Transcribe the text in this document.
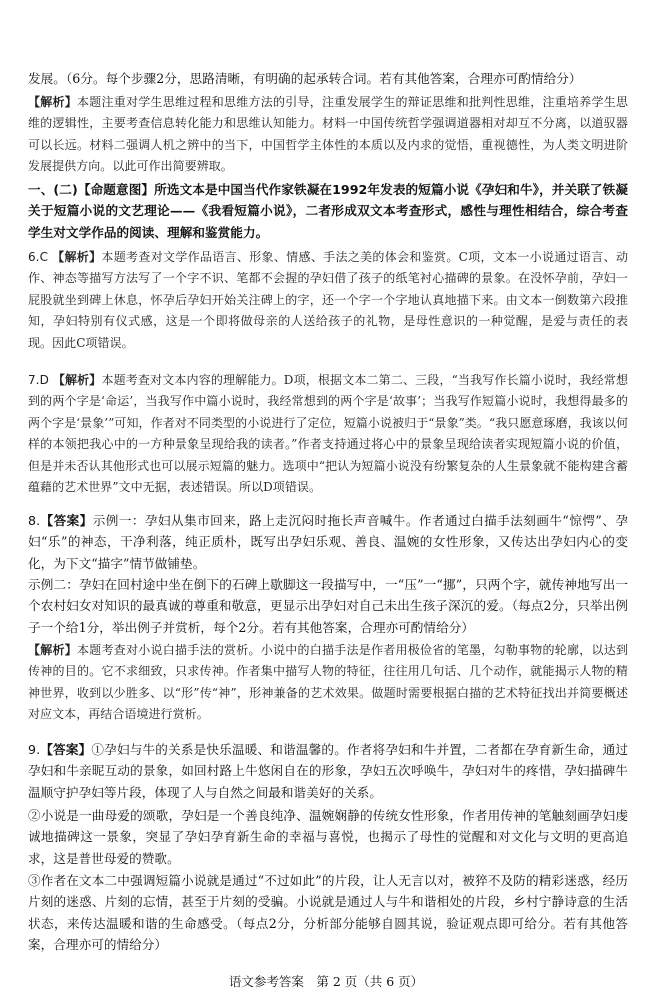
发展。（6分。每个步骤2分，思路清晰，有明确的起承转合词。若有其他答案，合理亦可酌情给分）

【解析】本题注重对学生思维过程和思维方法的引导，注重发展学生的辩证思维和批判性思维，注重培养学生思维的逻辑性，主要考查信息转化能力和思维认知能力。材料一中国传统哲学强调道器相对却互不分离，以道驭器可以长远。材料二强调人机之辨中的当下，中国哲学主体性的本质以及内求的觉悟，重视德性，为人类文明进阶发展提供方向。以此可作出简要辨取。

一、(二)【命题意图】所选文本是中国当代作家铁凝在1992年发表的短篇小说《孕妇和牛》，并关联了铁凝关于短篇小说的文艺理论——《我看短篇小说》，二者形成双文本考查形式，感性与理性相结合，综合考查学生对文学作品的阅读、理解和鉴赏能力。

6.C 【解析】本题考查对文学作品语言、形象、情感、手法之美的体会和鉴赏。C项，文本一小说通过语言、动作、神态等描写方法写了一个字不识、笔都不会握的孕妇借了孩子的纸笔衬心描碑的景象。在没怀孕前，孕妇一屁股就坐到碑上休息，怀孕后孕妇开始关注碑上的字，还一个字一个字地认真地描下来。由文本一倒数第六段推知，孕妇特别有仪式感，这是一个即将做母亲的人送给孩子的礼物，是母性意识的一种觉醒，是爱与责任的表现。因此C项错误。

7.D 【解析】本题考查对文本内容的理解能力。D项，根据文本二第二、三段，“当我写作长篇小说时，我经常想到的两个字是‘命运’，当我写作中篇小说时，我经常想到的两个字是‘故事’；当我写作短篇小说时，我想得最多的两个字是‘景象’”可知，作者对不同类型的小说进行了定位，短篇小说被归于“景象”类。“我只愿意琢磨，我该以何样的本领把我心中的一方种景象呈现给我的读者。”作者支持通过将心中的景象呈现给读者实现短篇小说的价值，但是并未否认其他形式也可以展示短篇的魅力。选项中“把认为短篇小说没有纷繁复杂的人生景象就不能构建含蓄蕴藉的艺术世界”文中无据，表述错误。所以D项错误。

8.【答案】示例一：孕妇从集市回来，路上走沉闷时拖长声音喊牛。作者通过白描手法刻画牛“惊愕”、孕妇“乐”的神态，干净利落，纯正质朴，既写出孕妇乐观、善良、温婉的女性形象，又传达出孕妇内心的变化，为下文“描字”情节做铺垫。

示例二：孕妇在回村途中坐在倒下的石碑上歇脚这一段描写中，一“压”一“挪”，只两个字，就传神地写出一个农村妇女对知识的最真诚的尊重和敬意，更显示出孕妇对自己未出生孩子深沉的爱。（每点2分，只举出例子一个给1分，举出例子并赏析，每个2分。若有其他答案，合理亦可酌情给分）

【解析】本题考查对小说白描手法的赏析。小说中的白描手法是作者用极俭省的笔墨，勾勒事物的轮廓，以达到传神的目的。它不求细致，只求传神。作者集中描写人物的特征，往往用几句话、几个动作，就能揭示人物的精神世界，收到以少胜多、以“形”传“神”，形神兼备的艺术效果。做题时需要根据白描的艺术特征找出并简要概述对应文本，再结合语境进行赏析。

9.【答案】①孕妇与牛的关系是快乐温暖、和谐温馨的。作者将孕妇和牛并置，二者都在孕育新生命，通过孕妇和牛亲昵互动的景象，如回村路上牛悠闲自在的形象，孕妇五次呼唤牛，孕妇对牛的疼惜，孕妇描碑牛温顺守护孕妇等片段，体现了人与自然之间最和谐美好的关系。

②小说是一曲母爱的颂歌，孕妇是一个善良纯净、温婉娴静的传统女性形象，作者用传神的笔触刻画孕妇虔诚地描碑这一景象，突显了孕妇孕育新生命的幸福与喜悦，也揭示了母性的觉醒和对文化与文明的更高追求，这是普世母爱的赞歌。

③作者在文本二中强调短篇小说就是通过“不过如此”的片段，让人无言以对，被猝不及防的精彩迷惑，经历片刻的迷惑、片刻的忘情，甚至于片刻的受骗。小说就是通过人与牛和谐相处的片段，乡村宁静诗意的生活状态，来传达温暖和谐的生命感受。（每点2分，分析部分能够自圆其说，验证观点即可给分。若有其他答案，合理亦可的情给分）

语文参考答案　第 2 页（共 6 页）
